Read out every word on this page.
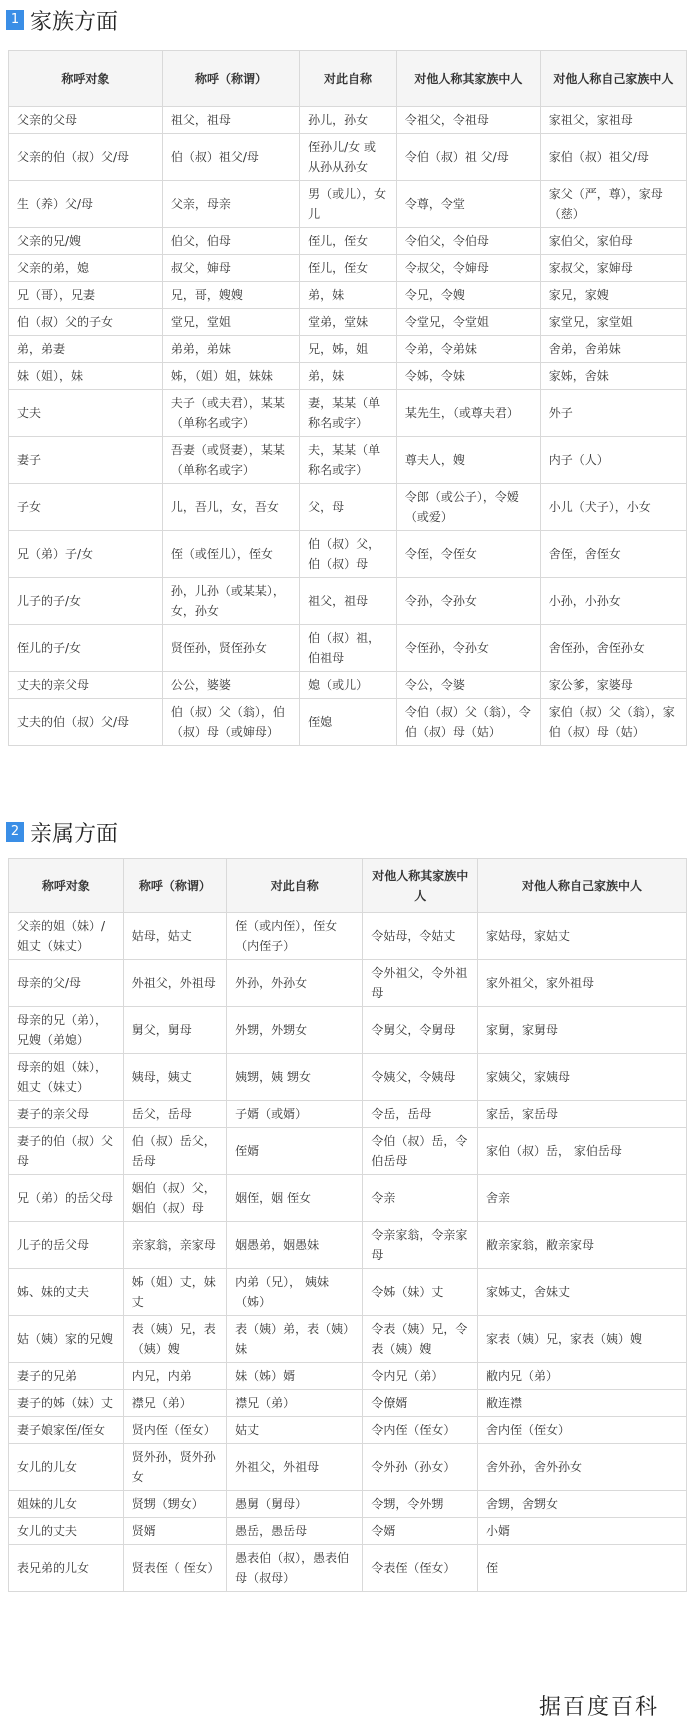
1 家族方面
称呼对象	称呼（称谓）	对此自称	对他人称其家族中人	对他人称自己家族中人
父亲的父母	祖父，祖母	孙儿，孙女	令祖父，令祖母	家祖父，家祖母
父亲的伯（叔）父/母	伯（叔）祖父/母	侄孙儿/女 或从孙从孙女	令伯（叔）祖 父/母	家伯（叔）祖父/母
生（养）父/母	父亲，母亲	男（或儿），女儿	令尊，令堂	家父（严，尊），家母（慈）
父亲的兄/嫂	伯父，伯母	侄儿，侄女	令伯父，令伯母	家伯父，家伯母
父亲的弟，媳	叔父，婶母	侄儿，侄女	令叔父，令婶母	家叔父，家婶母
兄（哥），兄妻	兄，哥，嫂嫂	弟，妹	令兄，令嫂	家兄，家嫂
伯（叔）父的子女	堂兄，堂姐	堂弟，堂妹	令堂兄，令堂姐	家堂兄，家堂姐
弟，弟妻	弟弟，弟妹	兄，姊，姐	令弟，令弟妹	舍弟，舍弟妹
妹（姐），妹	姊，（姐）姐，妹妹	弟，妹	令姊，令妹	家姊，舍妹
丈夫	夫子（或夫君），某某（单称名或字）	妻，某某（单称名或字）	某先生，（或尊夫君）	外子
妻子	吾妻（或贤妻），某某（单称名或字）	夫，某某（单称名或字）	尊夫人，嫂	内子（人）
子女	儿，吾儿，女，吾女	父，母	令郎（或公子），令嫒（或爱）	小儿（犬子），小女
兄（弟）子/女	侄（或侄儿），侄女	伯（叔）父，伯（叔）母	令侄，令侄女	舍侄，舍侄女
儿子的子/女	孙，儿孙（或某某），女，孙女	祖父，祖母	令孙，令孙女	小孙，小孙女
侄儿的子/女	贤侄孙，贤侄孙女	伯（叔）祖，伯祖母	令侄孙，令孙女	舍侄孙，舍侄孙女
丈夫的亲父母	公公，婆婆	媳（或儿）	令公，令婆	家公爹，家婆母
丈夫的伯（叔）父/母	伯（叔）父（翁），伯（叔）母（或婶母）	侄媳	令伯（叔）父（翁），令伯（叔）母（姑）	家伯（叔）父（翁），家伯（叔）母（姑）
2 亲属方面
称呼对象	称呼（称谓）	对此自称	对他人称其家族中人	对他人称自己家族中人
父亲的姐（妹）/姐丈（妹丈）	姑母，姑丈	侄（或内侄），侄女（内侄子）	令姑母，令姑丈	家姑母，家姑丈
母亲的父/母	外祖父，外祖母	外孙，外孙女	令外祖父，令外祖母	家外祖父，家外祖母
母亲的兄（弟），兄嫂（弟媳）	舅父，舅母	外甥，外甥女	令舅父，令舅母	家舅，家舅母
母亲的姐（妹），姐丈（妹丈）	姨母，姨丈	姨甥，姨 甥女	令姨父，令姨母	家姨父，家姨母
妻子的亲父母	岳父，岳母	子婿（或婿）	令岳，岳母	家岳，家岳母
妻子的伯（叔）父母	伯（叔）岳父，岳母	侄婿	令伯（叔）岳，令伯岳母	家伯（叔）岳， 家伯岳母
兄（弟）的岳父母	姻伯（叔）父，姻伯（叔）母	姻侄，姻 侄女	令亲	舍亲
儿子的岳父母	亲家翁，亲家母	姻愚弟，姻愚妹	令亲家翁，令亲家母	敝亲家翁，敝亲家母
姊、妹的丈夫	姊（姐）丈，妹丈	内弟（兄）， 姨妹（姊）	令姊（妹）丈	家姊丈，舍妹丈
姑（姨）家的兄嫂	表（姨）兄，表（姨）嫂	表（姨）弟，表（姨）妹	令表（姨）兄，令表（姨）嫂	家表（姨）兄，家表（姨）嫂
妻子的兄弟	内兄，内弟	妹（姊）婿	令内兄（弟）	敝内兄（弟）
妻子的姊（妹）丈	襟兄（弟）	襟兄（弟）	令僚婿	敝连襟
妻子娘家侄/侄女	贤内侄（侄女）	姑丈	令内侄（侄女）	舍内侄（侄女）
女儿的儿女	贤外孙，贤外孙女	外祖父，外祖母	令外孙（孙女）	舍外孙，舍外孙女
姐妹的儿女	贤甥（甥女）	愚舅（舅母）	令甥，令外甥	舍甥，舍甥女
女儿的丈夫	贤婿	愚岳，愚岳母	令婿	小婿
表兄弟的儿女	贤表侄（ 侄女）	愚表伯（叔），愚表伯母（叔母）	令表侄（侄女）	侄
据百度百科
